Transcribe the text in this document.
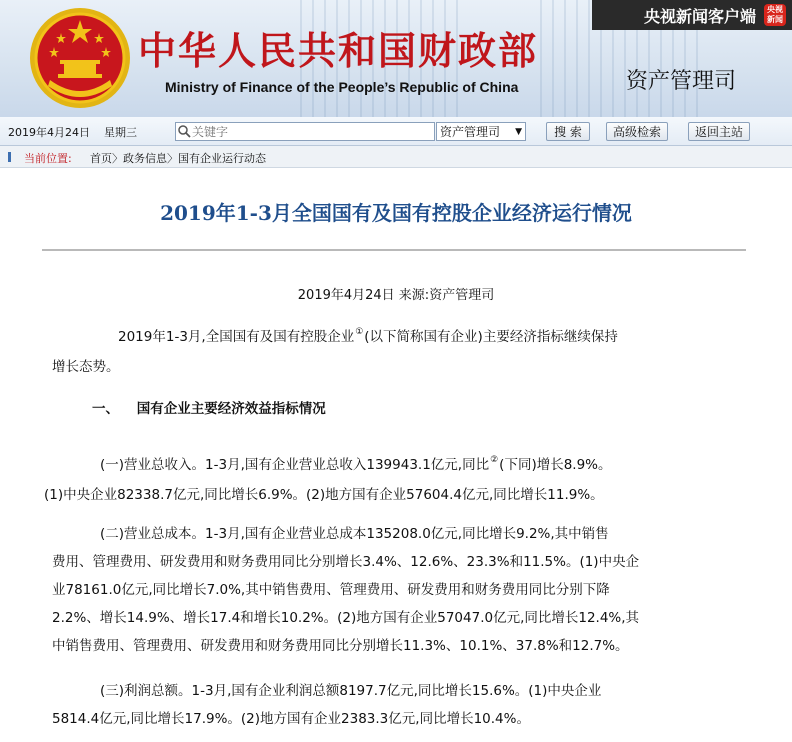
中华人民共和国财政部
Ministry of Finance of the People’s Republic of China
央视新闻客户端	央视
新闻
资产管理司
2019年4月24日 星期三
关键字	资产管理司 ▼	搜 索	高级检索	返回主站
当前位置: 首页〉政务信息〉国有企业运行动态
2019年1-3月全国国有及国有控股企业经济运行情况
2019年4月24日 来源:资产管理司
2019年1-3月,全国国有及国有控股企业①(以下简称国有企业)主要经济指标继续保持
增长态势。
一、 国有企业主要经济效益指标情况
(一)营业总收入。1-3月,国有企业营业总收入139943.1亿元,同比②(下同)增长8.9%。
(1)中央企业82338.7亿元,同比增长6.9%。(2)地方国有企业57604.4亿元,同比增长11.9%。
(二)营业总成本。1-3月,国有企业营业总成本135208.0亿元,同比增长9.2%,其中销售
费用、管理费用、研发费用和财务费用同比分别增长3.4%、12.6%、23.3%和11.5%。(1)中央企
业78161.0亿元,同比增长7.0%,其中销售费用、管理费用、研发费用和财务费用同比分别下降
2.2%、增长14.9%、增长17.4和增长10.2%。(2)地方国有企业57047.0亿元,同比增长12.4%,其
中销售费用、管理费用、研发费用和财务费用同比分别增长11.3%、10.1%、37.8%和12.7%。
(三)利润总额。1-3月,国有企业利润总额8197.7亿元,同比增长15.6%。(1)中央企业
5814.4亿元,同比增长17.9%。(2)地方国有企业2383.3亿元,同比增长10.4%。
